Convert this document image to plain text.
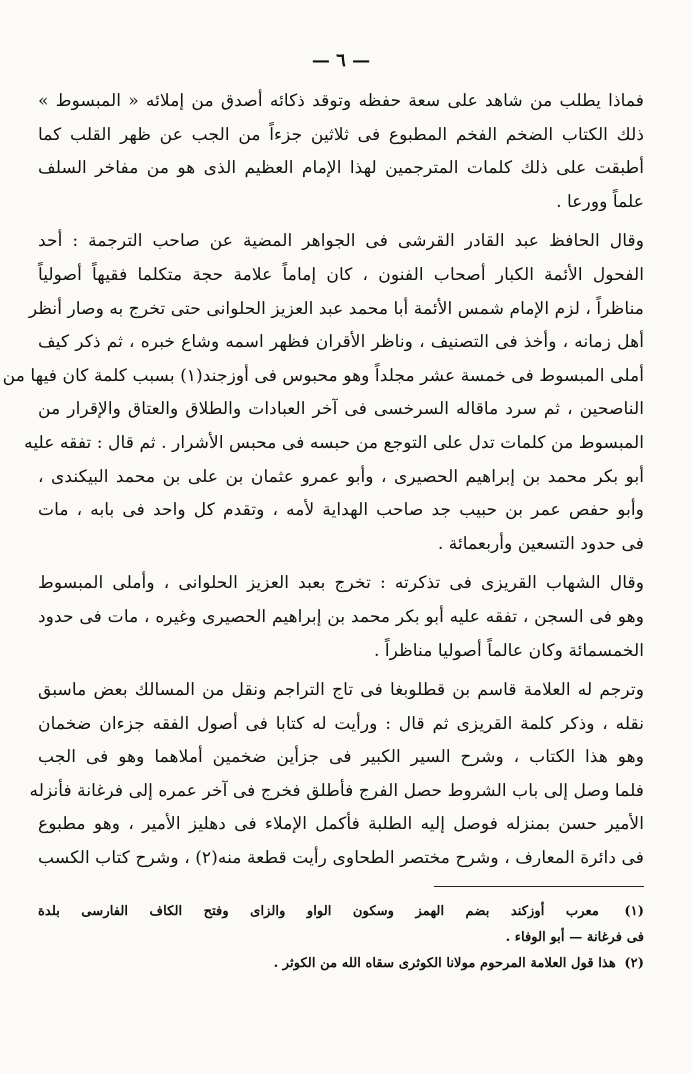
— ٦ —
فماذا يطلب من شاهد على سعة حفظه وتوقد ذكائه أصدق من إملائه « المبسوط »
ذلك الكتاب الضخم الفخم المطبوع فى ثلاثين جزءاً من الجب عن ظهر القلب كما
أطبقت على ذلك كلمات المترجمين لهذا الإمام العظيم الذى هو من مفاخر السلف
علماً وورعا .
وقال الحافظ عبد القادر القرشى فى الجواهر المضية عن صاحب الترجمة : أحد
الفحول الأئمة الكبار أصحاب الفنون ، كان إماماً علامة حجة متكلما فقيهاً أصولياً
مناظراً ، لزم الإمام شمس الأئمة أبا محمد عبد العزيز الحلوانى حتى تخرج به وصار أنظر
أهل زمانه ، وأخذ فى التصنيف ، وناظر الأقران فظهر اسمه وشاع خبره ، ثم ذكر كيف
أملى المبسوط فى خمسة عشر مجلداً وهو محبوس فى أوزجند(١) بسبب كلمة كان فيها من
الناصحين ، ثم سرد ماقاله السرخسى فى آخر العبادات والطلاق والعتاق والإقرار من
المبسوط من كلمات تدل على التوجع من حبسه فى محبس الأشرار . ثم قال : تفقه عليه
أبو بكر محمد بن إبراهيم الحصيرى ، وأبو عمرو عثمان بن على بن محمد البيكندى ،
وأبو حفص عمر بن حبيب جد صاحب الهداية لأمه ، وتقدم كل واحد فى بابه ، مات
فى حدود التسعين وأربعمائة .
وقال الشهاب القريزى فى تذكرته : تخرج بعبد العزيز الحلوانى ، وأملى المبسوط
وهو فى السجن ، تفقه عليه أبو بكر محمد بن إبراهيم الحصيرى وغيره ، مات فى حدود
الخمسمائة وكان عالماً أصوليا مناظراً .
وترجم له العلامة قاسم بن قطلوبغا فى تاج التراجم ونقل من المسالك بعض ماسبق
نقله ، وذكر كلمة القريزى ثم قال : ورأيت له كتابا فى أصول الفقه جزءان ضخمان
وهو هذا الكتاب ، وشرح السير الكبير فى جزأين ضخمين أملاهما وهو فى الجب
فلما وصل إلى باب الشروط حصل الفرج فأطلق فخرج فى آخر عمره إلى فرغانة فأنزله
الأمير حسن بمنزله فوصل إليه الطلبة فأكمل الإملاء فى دهليز الأمير ، وهو مطبوع
فى دائرة المعارف ، وشرح مختصر الطحاوى رأيت قطعة منه(٢) ، وشرح كتاب الكسب
(١) معرب أوزكند بضم الهمز وسكون الواو والزاى وفتح الكاف الفارسى بلدة
فى فرغانة — أبو الوفاء .
(٢) هذا قول العلامة المرحوم مولانا الكوثرى سقاه الله من الكوثر .
